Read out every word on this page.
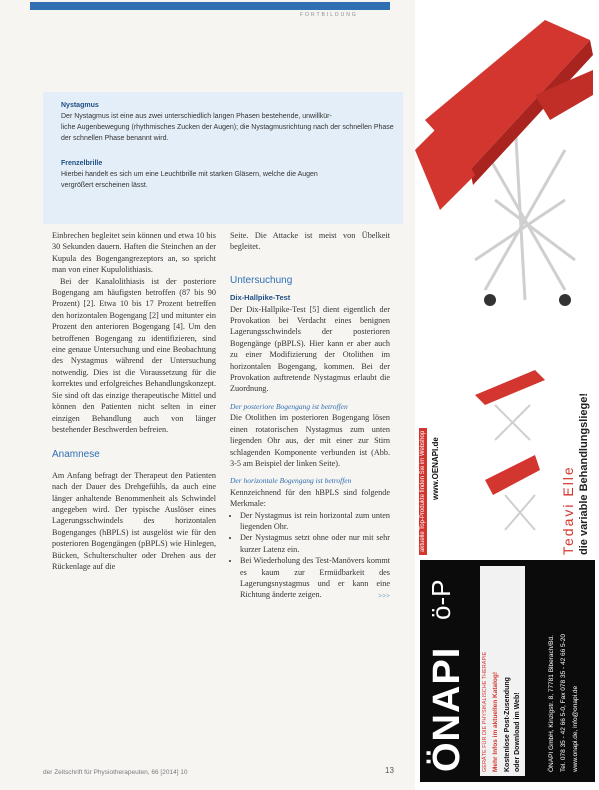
FORTBILDUNG
Nystagmus
Der Nystagmus ist eine aus zwei unterschiedlich langen Phasen bestehende, unwillkür-
liche Augenbewegung (rhythmisches Zucken der Augen); die Nystagmusrichtung nach der schnellen Phase
der schnellen Phase benannt wird.
Frenzelbrille
Hierbei handelt es sich um eine Leuchtbrille mit starken Gläsern, welche die Augen
vergrößert erscheinen lässt.

Einbrechen begleitet sein können und etwa 10 bis 30 Sekunden dauern. Haften die Steinchen an der Kupula des Bogengangrezeptors an, so spricht man von einer Kupulolithiasis.

Bei der Kanalolithiasis ist der posteriore Bogengang am häufigsten betroffen (87 bis 90 Prozent) [2]. Etwa 10 bis 17 Prozent betreffen den horizontalen Bogengang [2] und mitunter ein Prozent den anterioren Bogengang [4]. Um den betroffenen Bogengang zu identifizieren, sind eine genaue Untersuchung und eine Beobachtung des Nystagmus während der Untersuchung notwendig. Dies ist die Voraussetzung für die korrektes und erfolgreiches Behandlungskonzept. Sie sind oft das einzige therapeutische Mittel und können den Patienten nicht selten in einer einzigen Behandlung auch von länger bestehender Beschwerden befreien.

Anamnese

Am Anfang befragt der Therapeut den Patienten nach der Dauer des Drehgefühls, da auch eine länger anhaltende Benommenheit als Schwindel angegeben wird. Der typische Auslöser eines Lagerungsschwindels des horizontalen Bogenganges (hBPLS) ist ausgelöst wie für den posterioren Bogengängen (pBPLS) wie Hinlegen, Bücken, Schulterschulter oder Drehen aus der Rückenlage auf die

Seite. Die Attacke ist meist von Übelkeit begleitet.

Untersuchung

Dix-Hallpike-Test

Der Dix-Hallpike-Test [5] dient eigentlich der Provokation bei Verdacht eines benignen Lagerungsschwindels der posterioren Bogengänge (pBPLS). Hier kann er aber auch zu einer Modifizierung der Otolithen im horizontalen Bogengang, kommen. Bei der Provokation auftretende Nystagmus erlaubt die Zuordnung.

Der posteriore Bogengang ist betroffen

Die Otolithen im posterioren Bogengang lösen einen rotatorischen Nystagmus zum unten liegenden Ohr aus, der mit einer zur Stirn schlagenden Komponente verbunden ist (Abb. 3-5 am Beispiel der linken Seite).

Der horizontale Bogengang ist betroffen

Kennzeichnend für den hBPLS sind folgende Merkmale:

• Der Nystagmus ist rein horizontal zum unten liegenden Ohr.
• Der Nystagmus setzt ohne oder nur mit sehr kurzer Latenz ein.
• Bei Wiederholung des Test-Manövers kommt es kaum zur Ermüdbarkeit des Lagerungsnystagmus und er kann eine Richtung änderte zeigen.	>>>
der Zeitschrift für Physiotherapeuten, 66 [2014] 10	13
Tedavi Elle die variable Behandlungsliege!
aktuelle Top-Produkte finden Sie im Webshop www.OENAPI.de
ÖNAPI
ö-P
GERÄTE FÜR DIE PHYSIKALISCHE THERAPIE Mehr Infos im aktuellen Katalog! Kostenlose Post-Zusendung oder Download im Web!	ÖNAPI GmbH, Kinzigstr. 8, 77781 Biberach/Bd. Tel. 078 35 - 42 66 5-0, Fax 078 35 - 42 66 5-20 www.onapi.de, info@onapi.de
